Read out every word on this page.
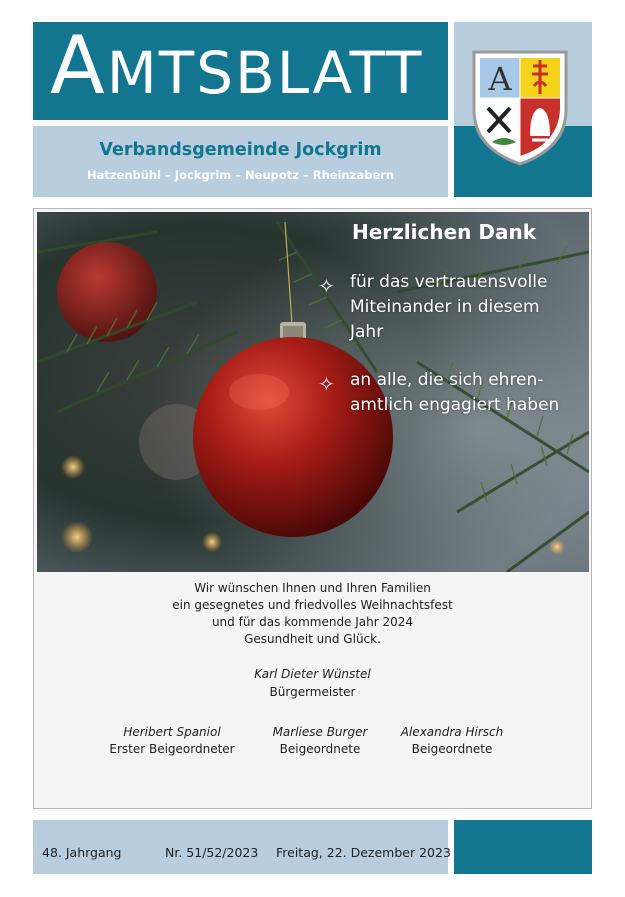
AMTSBLATT
Verbandsgemeinde Jockgrim
Hatzenbühl – Jockgrim – Neupotz – Rheinzabern
A
Herzlichen Dank
✧ für das vertrauensvolle
Miteinander in diesem
Jahr
✧ an alle, die sich ehren-
amtlich engagiert haben
Wir wünschen Ihnen und Ihren Familien
ein gesegnetes und friedvolles Weihnachtsfest
und für das kommende Jahr 2024
Gesundheit und Glück.
Karl Dieter Wünstel
Bürgermeister
Heribert Spaniol
Erster Beigeordneter
Marliese Burger
Beigeordnete
Alexandra Hirsch
Beigeordnete
48. Jahrgang	Nr. 51/52/2023 Freitag, 22. Dezember 2023
